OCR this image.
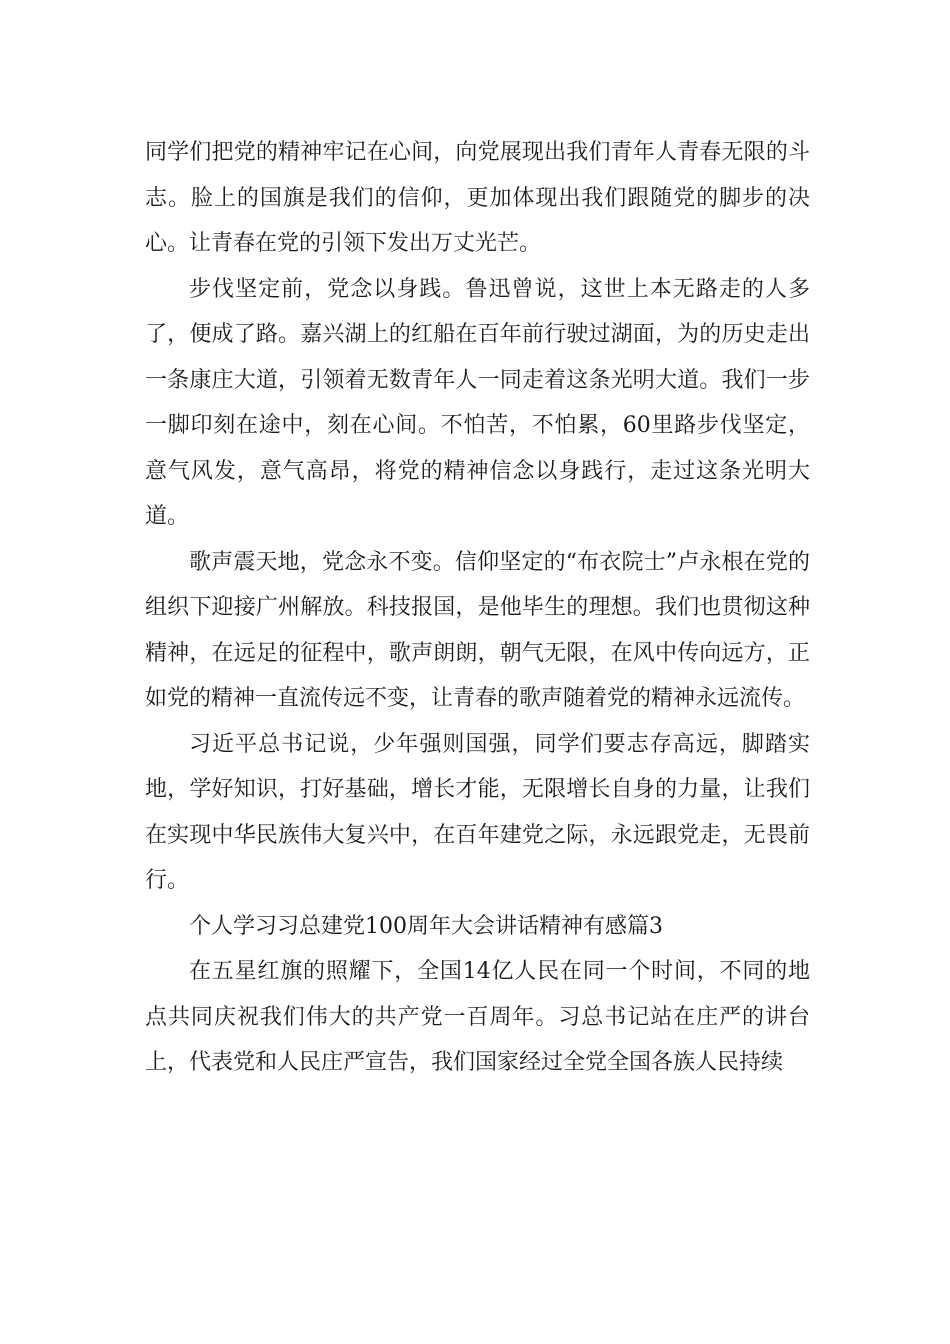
同学们把党的精神牢记在心间，向党展现出我们青年人青春无限的斗志。脸上的国旗是我们的信仰，更加体现出我们跟随党的脚步的决心。让青春在党的引领下发出万丈光芒。

步伐坚定前，党念以身践。鲁迅曾说，这世上本无路走的人多了，便成了路。嘉兴湖上的红船在百年前行驶过湖面，为的历史走出一条康庄大道，引领着无数青年人一同走着这条光明大道。我们一步一脚印刻在途中，刻在心间。不怕苦，不怕累，60里路步伐坚定，意气风发，意气高昂，将党的精神信念以身践行，走过这条光明大道。

歌声震天地，党念永不变。信仰坚定的“布衣院士”卢永根在党的组织下迎接广州解放。科技报国，是他毕生的理想。我们也贯彻这种精神，在远足的征程中，歌声朗朗，朝气无限，在风中传向远方，正如党的精神一直流传远不变，让青春的歌声随着党的精神永远流传。

习近平总书记说，少年强则国强，同学们要志存高远，脚踏实地，学好知识，打好基础，增长才能，无限增长自身的力量，让我们在实现中华民族伟大复兴中，在百年建党之际，永远跟党走，无畏前行。

个人学习习总建党100周年大会讲话精神有感篇3

在五星红旗的照耀下，全国14亿人民在同一个时间，不同的地点共同庆祝我们伟大的共产党一百周年。习总书记站在庄严的讲台上，代表党和人民庄严宣告，我们国家经过全党全国各族人民持续
